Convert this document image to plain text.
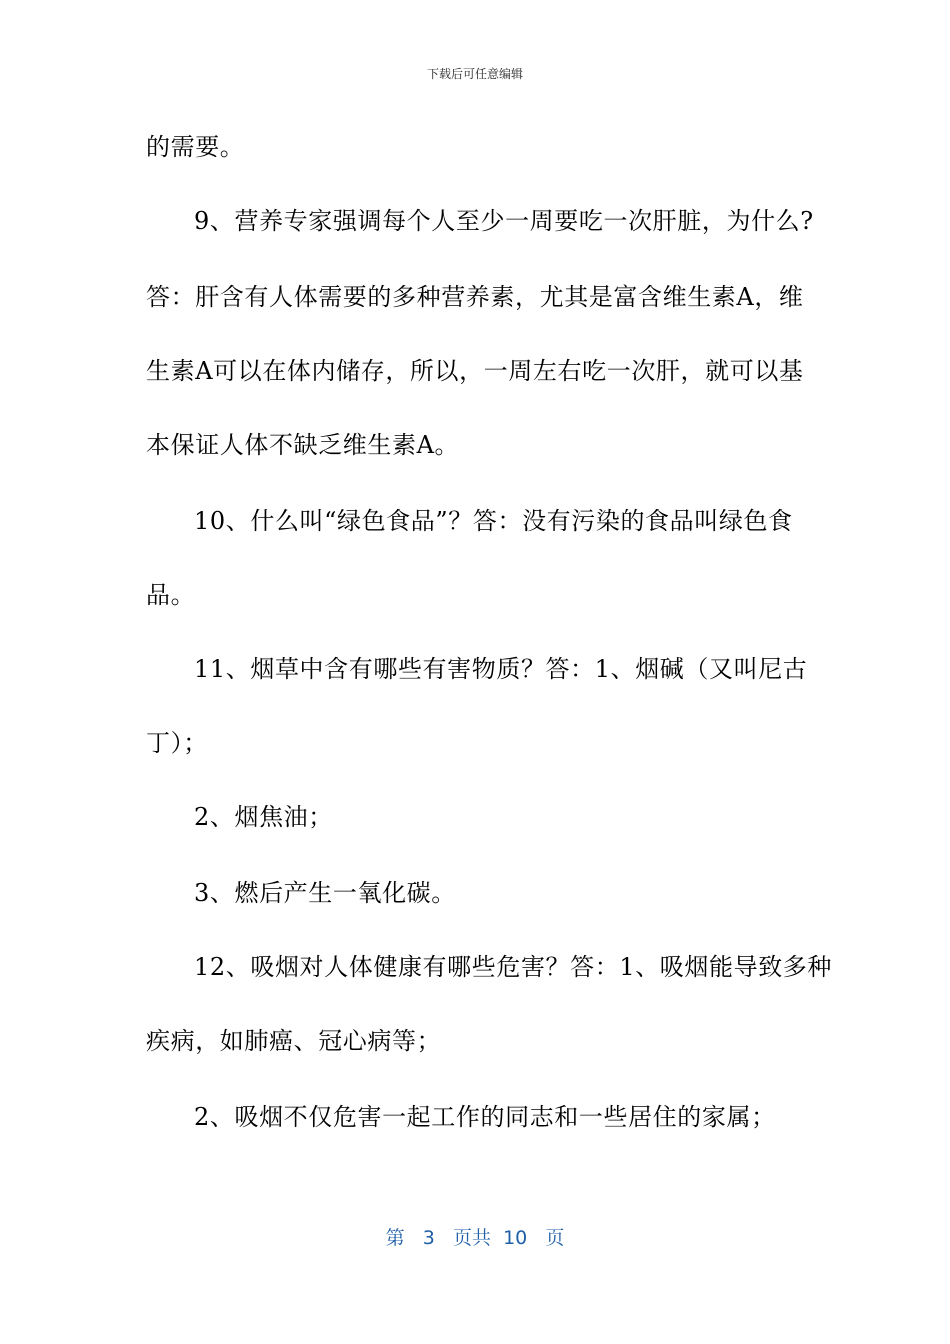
下载后可任意编辑
的需要。
9、营养专家强调每个人至少一周要吃一次肝脏，为什么?
答：肝含有人体需要的多种营养素，尤其是富含维生素A，维
生素A可以在体内储存，所以，一周左右吃一次肝，就可以基
本保证人体不缺乏维生素A。
10、什么叫“绿色食品”？答：没有污染的食品叫绿色食
品。
11、烟草中含有哪些有害物质？答：1、烟碱（又叫尼古
丁）；
2、烟焦油；
3、燃后产生一氧化碳。
12、吸烟对人体健康有哪些危害？答：1、吸烟能导致多种
疾病，如肺癌、冠心病等；
2、吸烟不仅危害一起工作的同志和一些居住的家属；
第 3 页共 10 页
